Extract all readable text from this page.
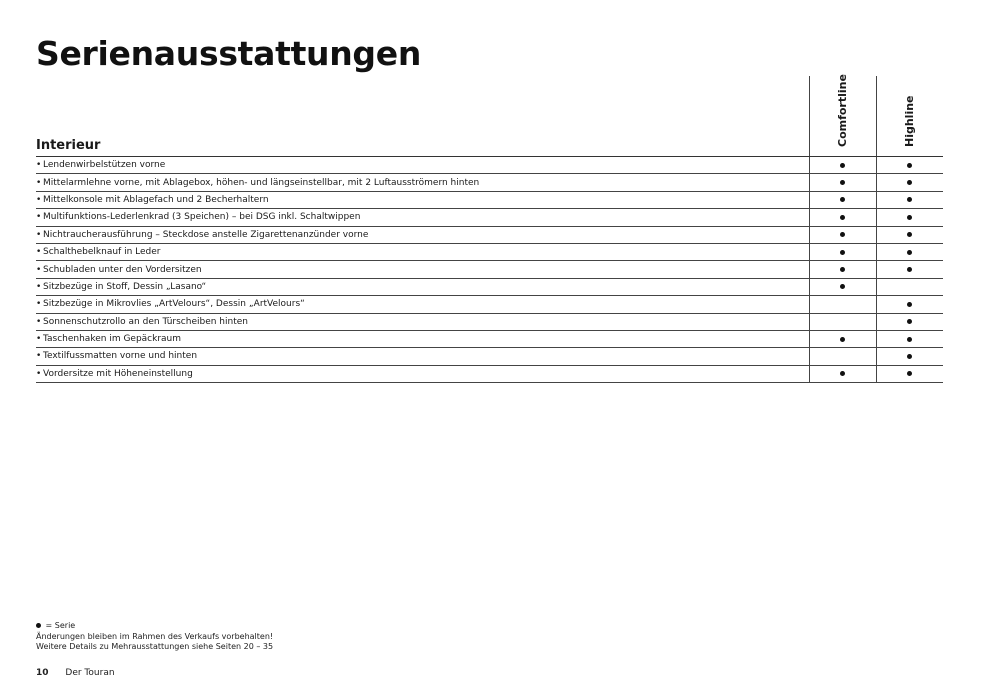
Serienausstattungen
Comfortline	Highline
Interieur
• Lendenwirbelstützen vorne
• Mittelarmlehne vorne, mit Ablagebox, höhen- und längseinstellbar, mit 2 Luftausströmern hinten
• Mittelkonsole mit Ablagefach und 2 Becherhaltern
• Multifunktions-Lederlenkrad (3 Speichen) – bei DSG inkl. Schaltwippen
• Nichtraucherausführung – Steckdose anstelle Zigarettenanzünder vorne
• Schalthebelknauf in Leder
• Schubladen unter den Vordersitzen
• Sitzbezüge in Stoff, Dessin „Lasano“
• Sitzbezüge in Mikrovlies „ArtVelours“, Dessin „ArtVelours“
• Sonnenschutzrollo an den Türscheiben hinten
• Taschenhaken im Gepäckraum
• Textilfussmatten vorne und hinten
• Vordersitze mit Höheneinstellung
= Serie
Änderungen bleiben im Rahmen des Verkaufs vorbehalten!
Weitere Details zu Mehrausstattungen siehe Seiten 20 – 35
10 Der Touran
